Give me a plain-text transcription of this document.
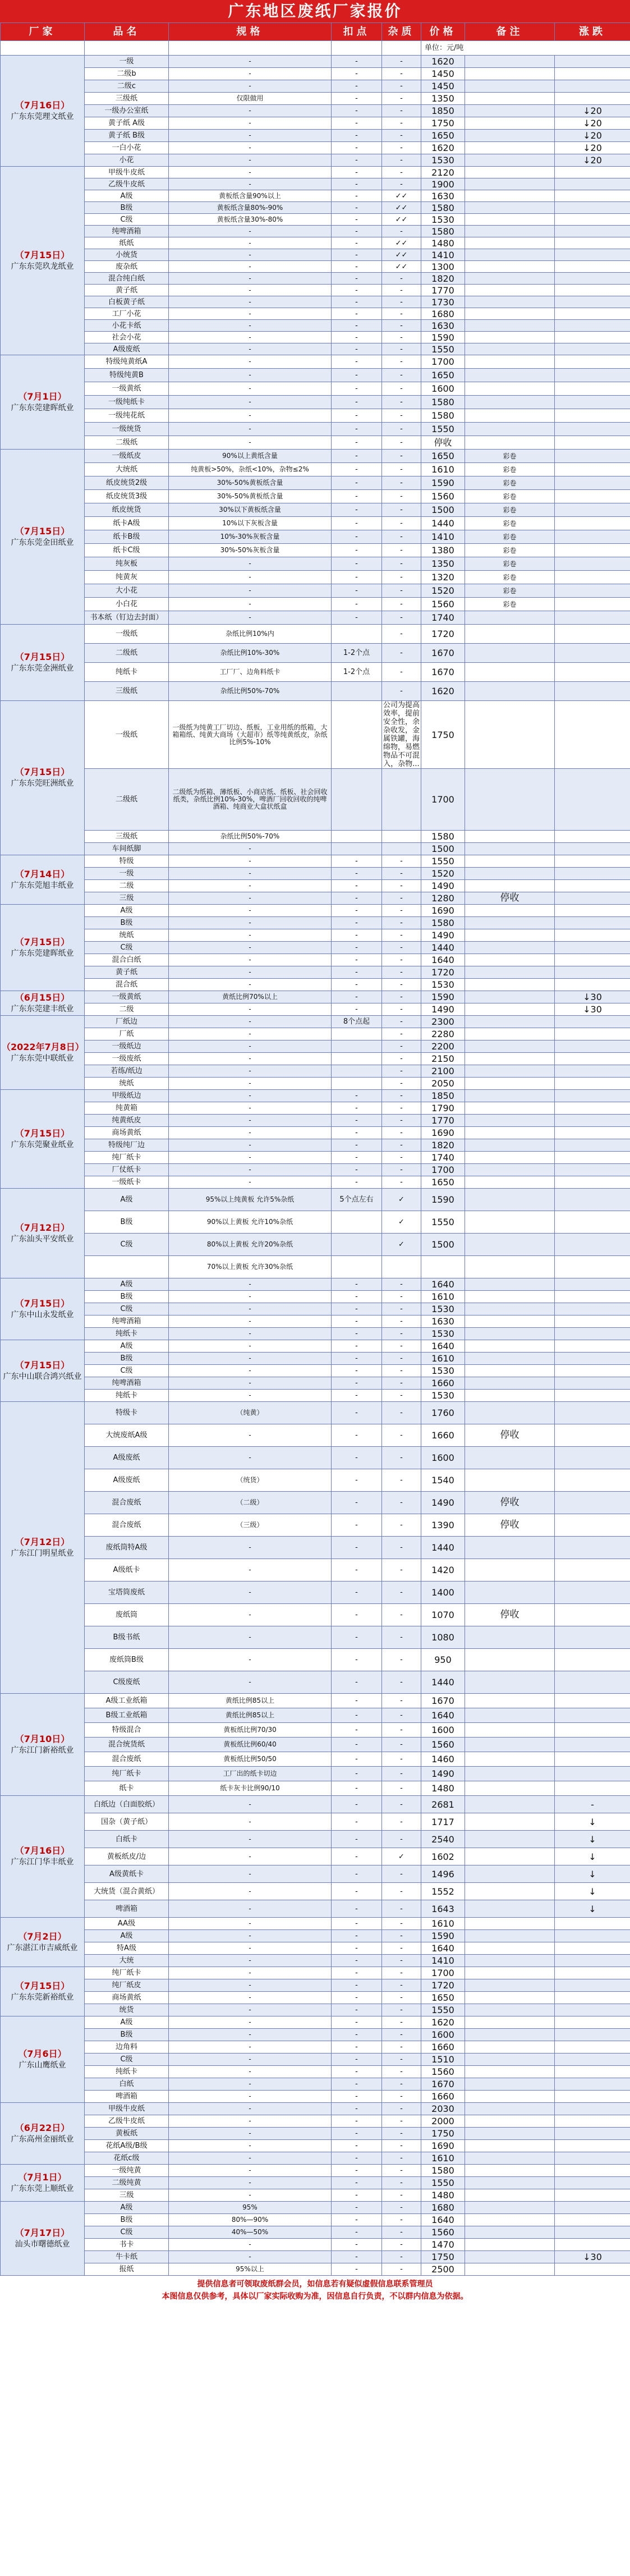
广东地区废纸厂家报价
厂家	品名	规格	扣点	杂质	价格	备注	涨跌
					单位：元/吨		

（7月16日）
广东东莞理文纸业	一级	-	-	-	1620		
	二级b	-	-	-	1450		
	二级c	-	-	-	1450		
	三级纸	仅限做用	-	-	1350		
	一级办公室纸	-	-	-	1850		↓20
	黄子纸 A级	-	-	-	1750		↓20
	黄子纸 B级	-	-	-	1650		↓20
	一白小花	-	-	-	1620		↓20
	小花	-	-	-	1530		↓20

（7月15日）
广东东莞玖龙纸业	甲级牛皮纸	-	-	-	2120		
	乙级牛皮纸	-	-	-	1900		
	A级	黄板纸含量90%以上	-	✓✓	1630		
	B级	黄板纸含量80%-90%	-	✓✓	1580		
	C级	黄板纸含量30%-80%	-	✓✓	1530		
	纯啤酒箱	-	-	-	1580		
	纸纸	-	-	✓✓	1480		
	小统货	-	-	✓✓	1410		
	废杂纸	-	-	✓✓	1300		
	混合纯白纸	-	-	-	1820		
	黄子纸	-	-	-	1770		
	白板黄子纸	-	-	-	1730		
	工厂小花	-	-	-	1680		
	小花卡纸	-	-	-	1630		
	社会小花	-	-	-	1590		
	A级废纸	-	-	-	1550		

（7月1日）
广东东莞建晖纸业	特级纯黄纸A	-	-	-	1700		
	特级纯黄B	-	-	-	1650		
	一级黄纸	-	-	-	1600		
	一级纯纸卡	-	-	-	1580		
	一级纯花纸	-	-	-	1580		
	一级统货	-	-	-	1550		
	二级纸	-	-	-	停收		

（7月15日）
广东东莞金田纸业	一级纸皮	90%以上黄纸含量	-	-	1650	彩卷	
	大统纸	纯黄板>50%，杂纸<10%，杂物≤2%	-	-	1610	彩卷	
	纸皮统货2级	30%-50%黄板纸含量	-	-	1590	彩卷	
	纸皮统货3级	30%-50%黄板纸含量	-	-	1560	彩卷	
	纸皮统货	30%以下黄板纸含量	-	-	1500	彩卷	
	纸卡A级	10%以下灰板含量	-	-	1440	彩卷	
	纸卡B级	10%-30%灰板含量	-	-	1410	彩卷	
	纸卡C级	30%-50%灰板含量	-	-	1380	彩卷	
	纯灰板	-	-	-	1350	彩卷	
	纯黄灰	-	-	-	1320	彩卷	
	大小花	-	-	-	1520	彩卷	
	小白花	-	-	-	1560	彩卷	
	书本纸（钉边去封面）	-	-	-	1740		

（7月15日）
广东东莞金洲纸业	一级纸	杂纸比例10%内		-	1720		
	二级纸	杂纸比例10%-30%	1-2个点	-	1670		
	纯纸卡	工厂厂、边角料纸卡	1-2个点	-	1670		
	三级纸	杂纸比例50%-70%		-	1620		

（7月15日）
广东东莞旺洲纸业	一级纸	一级纸为纯黄工厂切边、纸板，工业用纸的纸箱，大箱箱纸、纯黄大商场（大超市）纸等纯黄纸皮，杂纸比例5%-10%		公司为提高效率，提前安全性，余杂收发，金属铁罐，海绵物，易燃物品不可混入，杂物...	1750		
	二级纸	二级纸为纸箱、薄纸板、小商店纸、纸板、社会回收纸类，杂纸比例10%-30%，啤酒厂回收回收的纯啤酒箱、纯商业大盒状纸盒			1700		
	三级纸	杂纸比例50%-70%			1580		
	车间纸脚	-			1500		

（7月14日）
广东东莞旭丰纸业	特级	-	-	-	1550		
	一级	-	-	-	1520		
	二级	-	-	-	1490		
	三级	-	-	-	1280	停收	

（7月15日）
广东东莞建晖纸业	A级	-	-	-	1690		
	B级	-	-	-	1580		
	统纸	-	-	-	1490		
	C级	-	-	-	1440		
	混合白纸	-	-	-	1640		
	黄子纸	-	-	-	1720		
	混合纸	-	-	-	1530		

（6月15日）
广东东莞建丰纸业	一级黄纸	黄纸比例70%以上	-	-	1590		↓30
	二级	-	-	-	1490		↓30

（2022年7月8日）
广东东莞中联纸业	厂纸边	-	8个点起	-	2300		
	厂纸	-		-	2280		
	一级纸边	-		-	2200		
	一级废纸	-		-	2150		
	若练/纸边	-		-	2100		
	统纸	-		-	2050		

（7月15日）
广东东莞聚业纸业	甲级纸边	-	-	-	1850		
	纯黄箱	-	-	-	1790		
	纯黄纸皮	-	-	-	1770		
	商场黄纸	-	-	-	1690		
	特级纯厂边	-	-	-	1820		
	纯厂纸卡	-	-	-	1740		
	厂仗纸卡	-	-	-	1700		
	一级纸卡	-	-	-	1650		

（7月12日）
广东汕头平安纸业	A级	95%以上纯黄板 允许5%杂纸	5个点左右	✓	1590		
	B级	90%以上黄板 允许10%杂纸		✓	1550		
	C级	80%以上黄板 允许20%杂纸		✓	1500		
		70%以上黄板 允许30%杂纸					

（7月15日）
广东中山永发纸业	A级	-	-	-	1640		
	B级	-	-	-	1610		
	C级	-	-	-	1530		
	纯啤酒箱	-	-	-	1630		
	纯纸卡	-	-	-	1530		

（7月15日）
广东中山联合鸿兴纸业	A级	-	-	-	1640		
	B级	-	-	-	1610		
	C级	-	-	-	1530		
	纯啤酒箱	-	-	-	1660		
	纯纸卡	-	-	-	1530		

（7月12日）
广东江门明星纸业	特级卡	（纯黄）	-	-	1760		
	大统废纸A级	-	-	-	1660	停收	
	A级废纸	-	-	-	1600		
	A级废纸	（统货）	-	-	1540		
	混合废纸	（二级）	-	-	1490	停收	
	混合废纸	（三级）	-	-	1390	停收	
	废纸筒特A级	-	-	-	1440		
	A级纸卡	-	-	-	1420		
	宝塔筒废纸	-	-	-	1400		
	废纸筒	-	-	-	1070	停收	
	B级书纸	-	-	-	1080		
	废纸筒B级	-	-	-	950		
	C级废纸	-	-	-	1440		

（7月10日）
广东江门新裕纸业	A级工业纸箱	黄纸比例85以上	-	-	1670		
	B级工业纸箱	黄纸比例85以上	-	-	1640		
	特级混合	黄板纸比例70/30	-	-	1600		
	混合统货纸	黄板纸比例60/40	-	-	1560		
	混合废纸	黄板纸比例50/50	-	-	1460		
	纯厂纸卡	工厂出的纸卡切边	-	-	1490		
	纸卡	纸卡灰卡比例90/10	-	-	1480		

（7月16日）
广东江门华丰纸业	白纸边（白面胶纸）	-	-	-	2681		-
	国杂（黄子纸）	-	-	-	1717		↓
	白纸卡	-	-	-	2540		↓
	黄板纸皮/边	-	-	✓	1602		↓
	A级黄纸卡	-	-	-	1496		↓
	大统货（混合黄纸）	-	-	-	1552		↓
	啤酒箱	-	-	-	1643		↓

（7月2日）
广东湛江市吉威纸业	AA级	-	-	-	1610		
	A级	-	-	-	1590		
	特A级	-	-	-	1640		
	大统	-	-	-	1410		

（7月15日）
广东东莞新裕纸业	纯厂纸卡	-	-	-	1700		
	纯厂纸皮	-	-	-	1720		
	商场黄纸	-	-	-	1650		
	统货	-	-	-	1550		

（7月6日）
广东山鹰纸业	A级	-	-	-	1620		
	B级	-	-	-	1600		
	边角料	-	-	-	1660		
	C级	-	-	-	1510		
	纯纸卡	-	-	-	1560		
	白纸	-	-	-	1670		
	啤酒箱	-	-	-	1660		

（6月22日）
广东高州金丽纸业	甲级牛皮纸	-	-	-	2030		
	乙级牛皮纸	-	-	-	2000		
	黄板纸	-	-	-	1750		
	花纸A级/B级	-	-	-	1690		
	花纸c级	-	-	-	1610		

（7月1日）
广东东莞上顺纸业	一级纯黄	-	-	-	1580		
	二级纯黄	-	-	-	1550		
	三级	-	-	-	1480		

（7月17日）
汕头市曙德纸业	A级	95%	-	-	1680		
	B级	80%—90%	-	-	1640		
	C级	40%—50%	-	-	1560		
	书卡	-	-	-	1470		
	牛卡纸	-	-	-	1750		↓30
	报纸	95%以上	-	-	2500		
提供信息者可领取废纸群会员，如信息若有疑似虚假信息联系管理员
本图信息仅供参考，具体以厂家实际收购为准，因信息自行负责，不以群内信息为依据。
